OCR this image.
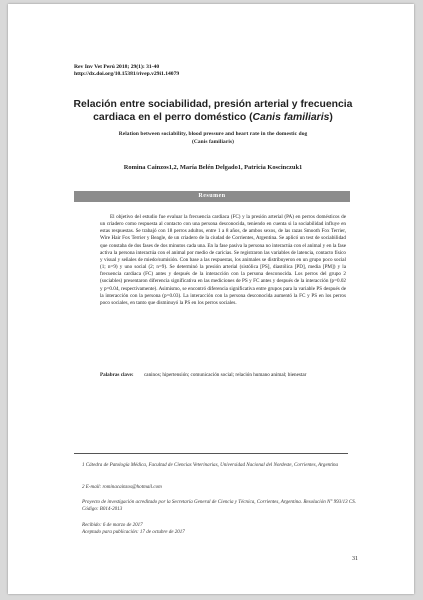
Rev Inv Vet Perú 2018; 29(1): 31-40
http://dx.doi.org/10.15381/rivep.v29i1.14079
Relación entre sociabilidad, presión arterial y frecuencia cardiaca en el perro doméstico (Canis familiaris)
Relation between sociability, blood pressure and heart rate in the domestic dog
(Canis familiaris)
Romina Cainzos1,2, María Belén Delgado1, Patricia Koscinczuk1
Resumen
El objetivo del estudio fue evaluar la frecuencia cardiaca (FC) y la presión arterial (PA) en perros domésticos de un criadero como respuesta al contacto con una persona desconocida, teniendo en cuenta si la sociabilidad influye en estas respuestas. Se trabajó con 18 perros adultos, entre 1 a 8 años, de ambos sexos, de las razas Smooth Fox Terrier, Wire Hair Fox Terrier y Beagle, de un criadero de la ciudad de Corrientes, Argentina. Se aplicó un test de sociabilidad que constaba de dos fases de dos minutos cada una. En la fase pasiva la persona no interactúa con el animal y en la fase activa la persona interactúa con el animal por medio de caricias. Se registraron las variables de latencia, contacto físico y visual y señales de miedo/sumisión. Con base a las respuestas, los animales se distribuyeron en un grupo poco social (1; n=9) y uno social (2; n=9). Se determinó la presión arterial (sistólica [PS], diastólica [PD], media [PM]) y la frecuencia cardiaca (FC) antes y después de la interacción con la persona desconocida. Los perros del grupo 2 (sociables) presentaron diferencia significativa en las mediciones de PS y FC antes y después de la interacción (p=0.02 y p=0.04, respectivamente). Asimismo, se encontró diferencia significativa entre grupos para la variable PS después de la interacción con la persona (p=0.03). La interacción con la persona desconocida aumentó la FC y PS en los perros poco sociales, en tanto que disminuyó la PS en los perros sociales.
Palabras clave:	caninos; hipertensión; comunicación social; relación humano animal; bienestar
1 Cátedra de Patología Médica, Facultad de Ciencias Veterinarias, Universidad Nacional del Nordeste, Corrientes, Argentina
2 E-mail: rominacainzos@hotmail.com
Proyecto de investigación acreditado por la Secretaría General de Ciencia y Técnica, Corrientes, Argentina. Resolución N° 993/13 CS. Código: B014-2013
Recibido: 6 de marzo de 2017
Aceptado para publicación: 17 de octubre de 2017
31
